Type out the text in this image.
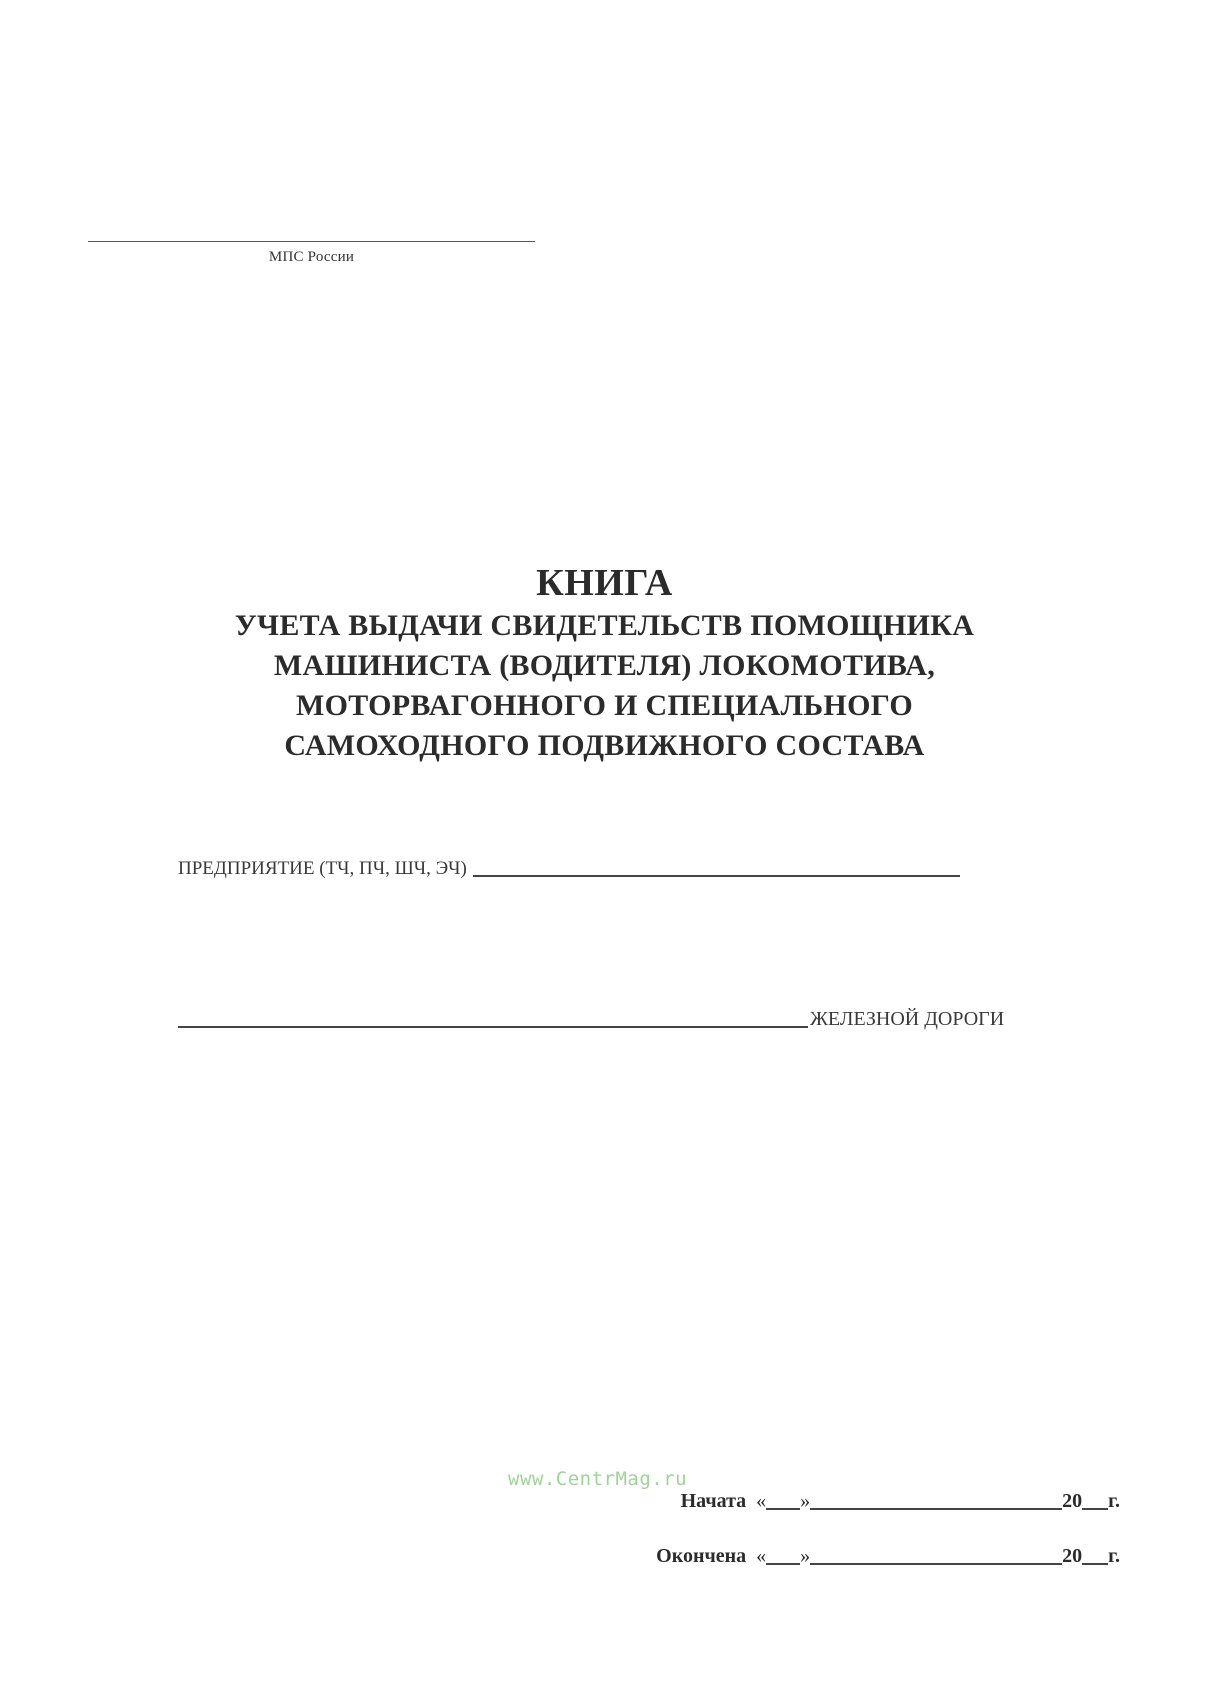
МПС России
КНИГА
УЧЕТА ВЫДАЧИ СВИДЕТЕЛЬСТВ ПОМОЩНИКА
МАШИНИСТА (ВОДИТЕЛЯ) ЛОКОМОТИВА,
МОТОРВАГОННОГО И СПЕЦИАЛЬНОГО
САМОХОДНОГО ПОДВИЖНОГО СОСТАВА
ПРЕДПРИЯТИЕ (ТЧ, ПЧ, ШЧ, ЭЧ)
ЖЕЛЕЗНОЙ ДОРОГИ
www.CentrMag.ru
Начата « »	20 г.
Окончена « »	20 г.
